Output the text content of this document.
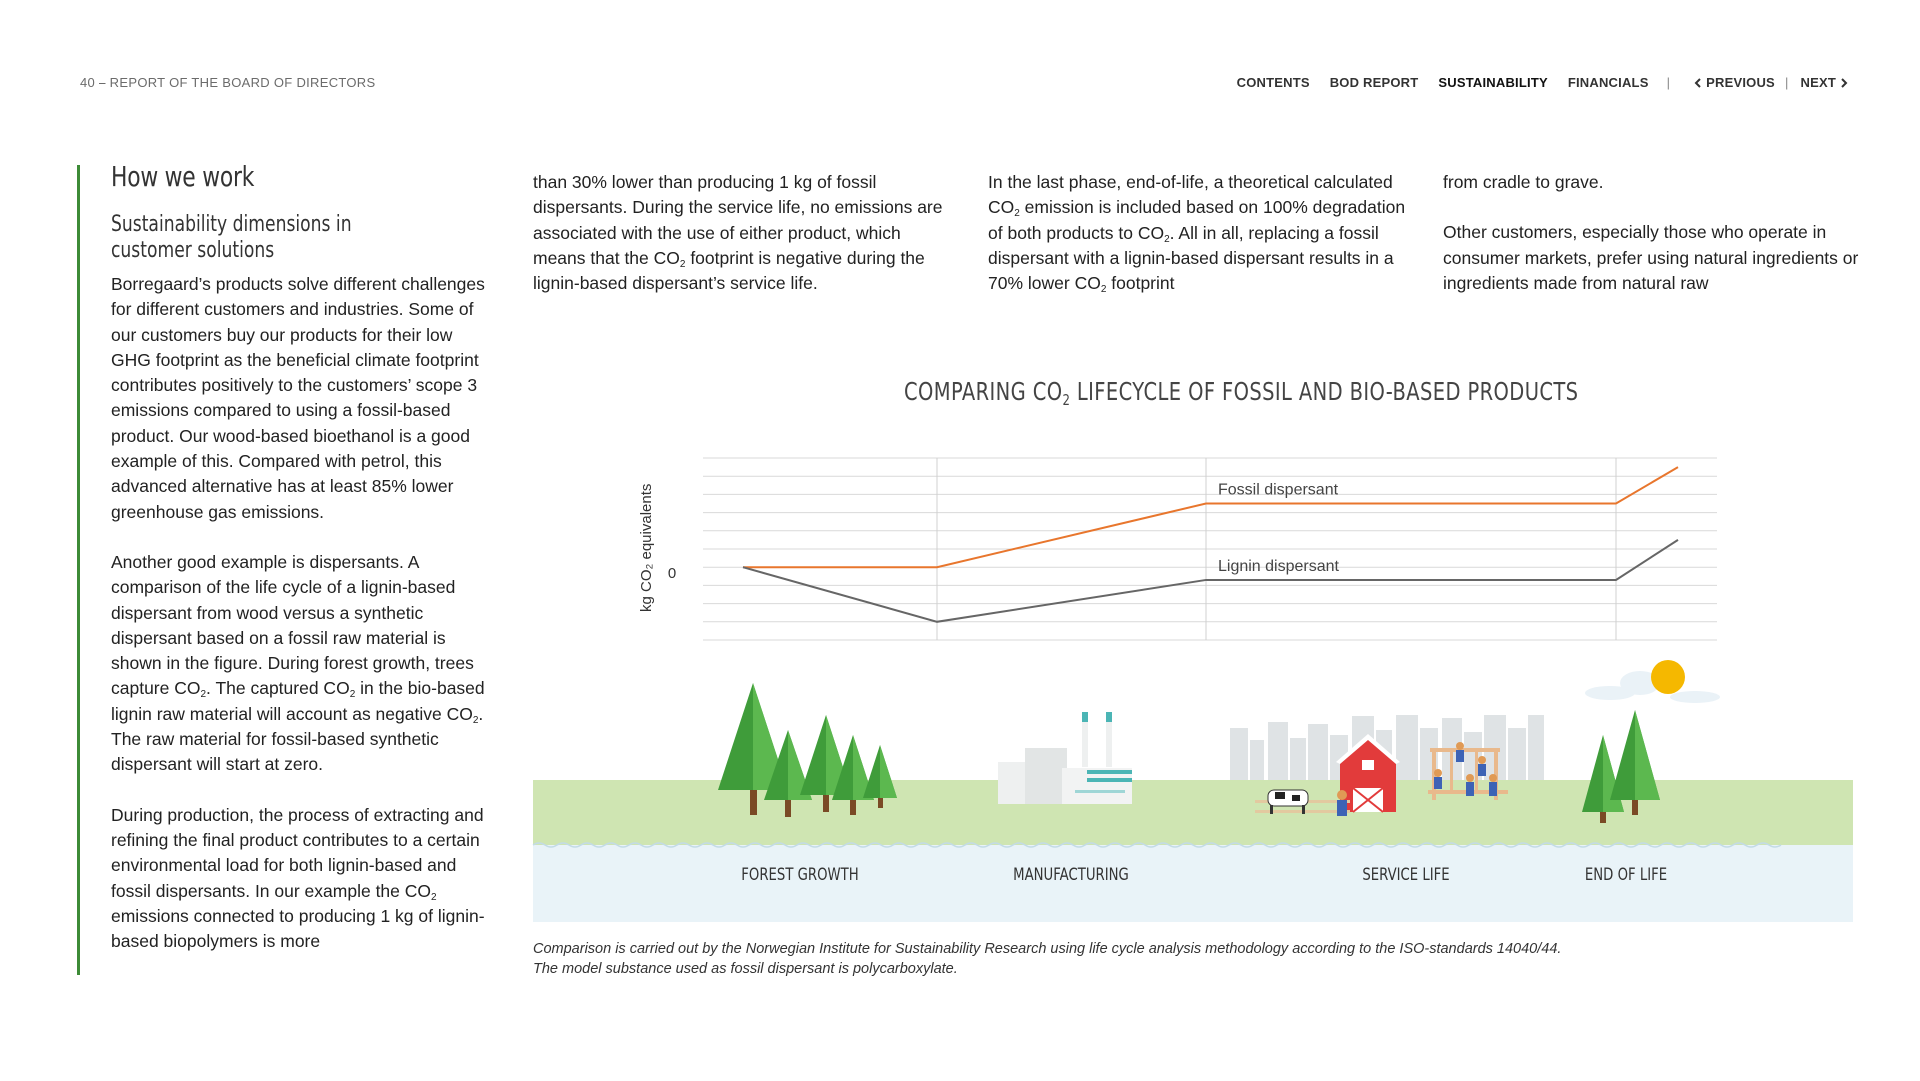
40 ⎯ REPORT OF THE BOARD OF DIRECTORS	CONTENTS BOD REPORT SUSTAINABILITY FINANCIALS |	PREVIOUS | NEXT
How we work
Sustainability dimensions in
customer solutions

Borregaard’s products solve different challenges for different customers and industries. Some of our customers buy our products for their low GHG footprint as the beneficial climate footprint contributes positively to the customers’ scope 3 emissions compared to using a fossil-based product. Our wood-based bioethanol is a good example of this. Compared with petrol, this advanced alternative has at least 85% lower greenhouse gas emissions.

Another good example is dispersants. A comparison of the life cycle of a lignin-based dispersant from wood versus a synthetic dispersant based on a fossil raw material is shown in the figure. During forest growth, trees capture $CO_2$. The captured $CO_2$ in the bio-based lignin raw material will account as negative $CO_2$. The raw material for fossil-based synthetic dispersant will start at zero.

During production, the process of extracting and refining the final product contributes to a certain environmental load for both lignin-based and fossil dispersants. In our example the $CO_2$ emissions connected to producing 1 kg of lignin-based biopolymers is more

than 30% lower than producing 1 kg of fossil dispersants. During the service life, no emissions are associated with the use of either product, which means that the $CO_2$ footprint is negative during the lignin-based dispersant’s service life.

In the last phase, end-of-life, a theoretical calculated $CO_2$ emission is included based on 100% degradation of both products to $CO_2$. All in all, replacing a fossil dispersant with a lignin-based dispersant results in a 70% lower $CO_2$ footprint

from cradle to grave.

Other customers, especially those who operate in consumer markets, prefer using natural ingredients or ingredients made from natural raw

COMPARING $CO_2$ LIFECYCLE OF FOSSIL AND BIO-BASED PRODUCTS
kg CO₂ equivalents 0
Fossil dispersant
Lignin dispersant
FOREST GROWTH	MANUFACTURING	SERVICE LIFE	END OF LIFE
Comparison is carried out by the Norwegian Institute for Sustainability Research using life cycle analysis methodology according to the ISO-standards 14040/44.
The model substance used as fossil dispersant is polycarboxylate.
